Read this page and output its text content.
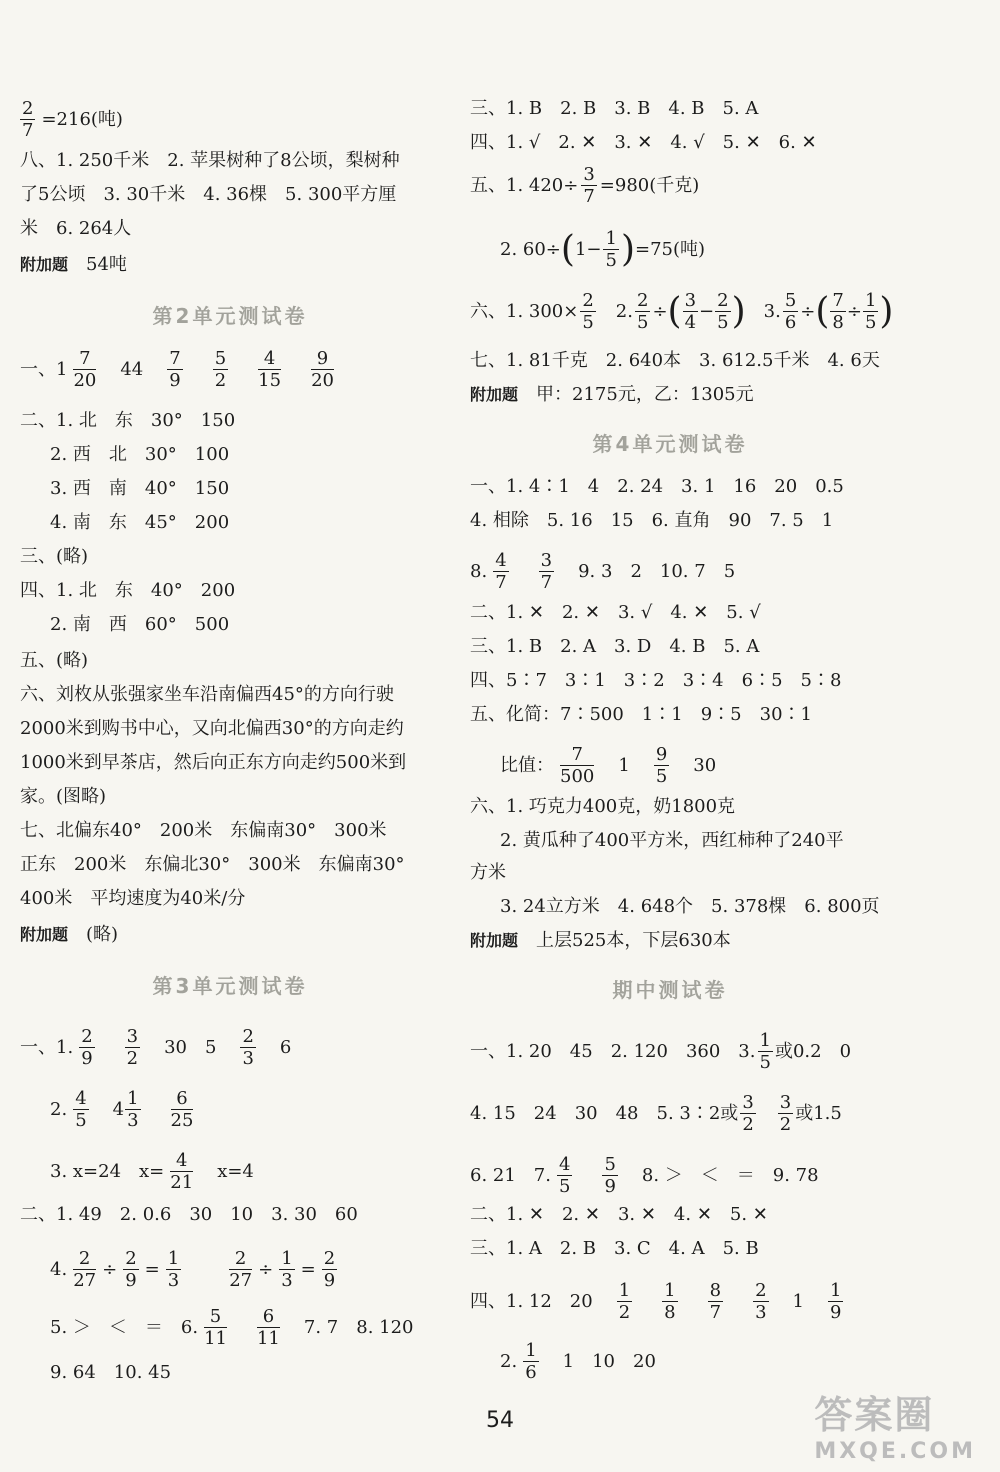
$\frac{2}{7} =216$(吨)
八、1. 250千米　2. 苹果树种了8公顷，梨树种
了5公顷　3. 30千米　4. 36棵　5. 300平方厘
米　6. 264人
附加题　 54吨
第2单元测试卷
一、$1 \frac{7}{20}$
　 44　 $\frac{7}{9}$
　 $\frac{5}{2}$
　 $\frac{4}{15}$
　 $\frac{9}{20}$
二、1. 北　东　30°　150
2. 西　北　30°　100
3. 西　南　40°　150
4. 南　东　45°　200
三、(略)
四、1. 北　东　40°　200
2. 南　西　60°　500
五、(略)
六、刘枚从张强家坐车沿南偏西45°的方向行驶
2000米到购书中心，又向北偏西30°的方向走约
1000米到早茶店，然后向正东方向走约500米到
家。(图略)
七、北偏东40°　200米　东偏南30°　300米
正东　200米　东偏北30°　300米　东偏南30°
400米　平均速度为40米/分
附加题　 (略)
第3单元测试卷
一、1. $\frac{2}{9}$
　 $\frac{3}{2}$
　 30　5　 $\frac{2}{3}$
　 6
2. $\frac{4}{5}$
　 $4 \frac{1}{3}$
　 $\frac{6}{25}$
3. x=24　$x= \frac{4}{21}$
　 x=4
二、1. 49　2. 0.6　30　10　3. 30　60
4. $\frac{2}{27} \div \frac{2}{9} = \frac{1}{3}$
　　	$\frac{2}{27} \div \frac{1}{3} = \frac{2}{9}$
5. ＞　＜　＝　6. $\frac{5}{11}$
　 $\frac{6}{11}$
　 7. 7　8. 120
9. 64　10. 45
三、1. B　2. B　3. B　4. B　5. A
四、1. √　2. ✕　3. ✕　4. √　5. ✕　6. ✕
五、1. $420\div \frac{3}{7} =980$(千克)
2. $60\div(1- \frac{1}{5} )=75$(吨)
六、1. $300\times \frac{2}{5}$
　 2. $\frac{2}{5}$ ÷( $\frac{3}{4} - \frac{2}{5}$ )　 3. $\frac{5}{6}$ ÷( $\frac{7}{8} \div \frac{1}{5}$ )
七、1. 81千克　2. 640本　3. 612.5千米　4. 6天
附加题　 甲：2175元，乙：1305元
第4单元测试卷
一、1. 4∶1　4　2. 24　3. 1　16　20　0.5
4. 相除　5. 16　15　6. 直角　90　7. 5　1
8. $\frac{4}{7}$
　 $\frac{3}{7}$
　 9. 3　2　10. 7　5
二、1. ✕　2. ✕　3. √　4. ✕　5. √
三、1. B　2. A　3. D　4. B　5. A
四、5∶7　3∶1　3∶2　3∶4　6∶5　5∶8
五、化简：7∶500　1∶1　9∶5　30∶1
比值： $\frac{7}{500}$
　 1　 $\frac{9}{5}$
　 30
六、1. 巧克力400克，奶1800克
2. 黄瓜种了400平方米，西红柿种了240平
方米
3. 24立方米　4. 648个　5. 378棵　6. 800页
附加题　 上层525本，下层630本
期中测试卷
一、1. 20　45　2. 120　360　3. $\frac{1}{5}$ 或0.2　0
4. 15　24　30　48　5. 3∶2或 $\frac{3}{2}$
　 $\frac{3}{2}$ 或1.5
6. 21　7. $\frac{4}{5}$
　 $\frac{5}{9}$
　 8. ＞　＜　＝　9. 78
二、1. ✕　2. ✕　3. ✕　4. ✕　5. ✕
三、1. A　2. B　3. C　4. A　5. B
四、1. 12　20　 $\frac{1}{2}$
　 $\frac{1}{8}$
　 $\frac{8}{7}$
　 $\frac{2}{3}$
　 1　 $\frac{1}{9}$
2. $\frac{1}{6}$
　 1　10　20
54	答案圈
MXQE.COM
